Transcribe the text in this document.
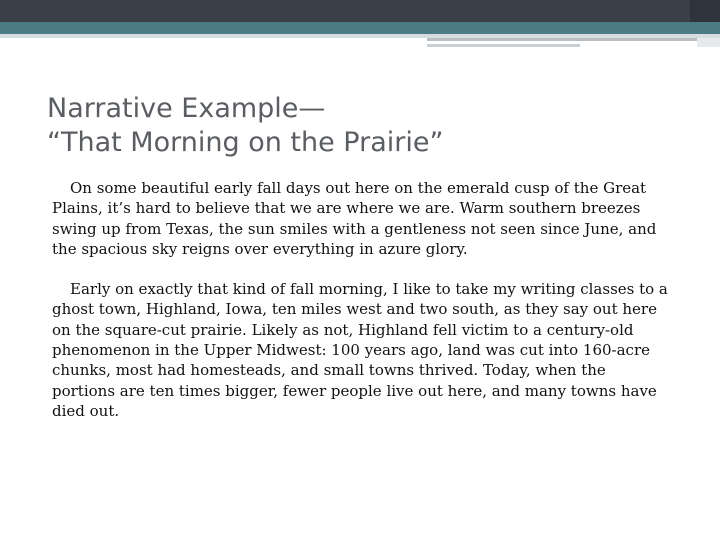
Narrative Example—
“That Morning on the Prairie”

On some beautiful early fall days out here on the emerald cusp of the Great Plains, it’s hard to believe that we are where we are. Warm southern breezes swing up from Texas, the sun smiles with a gentleness not seen since June, and the spacious sky reigns over everything in azure glory.

Early on exactly that kind of fall morning, I like to take my writing classes to a ghost town, Highland, Iowa, ten miles west and two south, as they say out here on the square-cut prairie. Likely as not, Highland fell victim to a century-old phenomenon in the Upper Midwest: 100 years ago, land was cut into 160-acre chunks, most had homesteads, and small towns thrived. Today, when the portions are ten times bigger, fewer people live out here, and many towns have died out.
